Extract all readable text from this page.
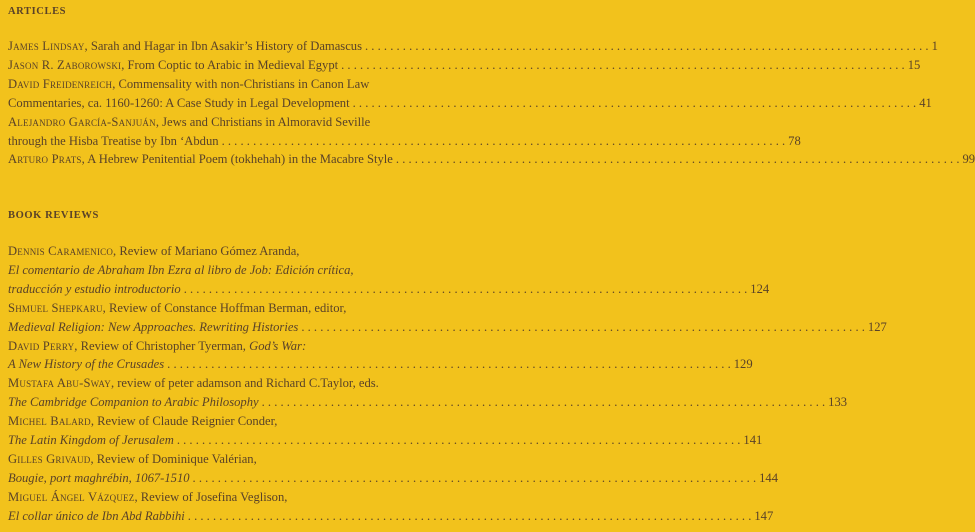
ARTICLES
James Lindsay, Sarah and Hagar in Ibn Asakir’s History of Damascus . . .	1
Jason R. Zaborowski, From Coptic to Arabic in Medieval Egypt . . .	15
David Freidenreich, Commensality with non-Christians in Canon Law
Commentaries, ca. 1160-1260: A Case Study in Legal Development . . .	41
Alejandro García-Sanjuán, Jews and Christians in Almoravid Seville
through the Hisba Treatise by Ibn ‘Abdun . . .	78
Arturo Prats, A Hebrew Penitential Poem (tokhehah) in the Macabre Style . . .	99
BOOK REVIEWS
Dennis Caramenico, Review of Mariano Gómez Aranda,
El comentario de Abraham Ibn Ezra al libro de Job: Edición crítica,
traducción y estudio introductorio . . .	124
Shmuel Shepkaru, Review of Constance Hoffman Berman, editor,
Medieval Religion: New Approaches. Rewriting Histories . . .	127
David Perry, Review of Christopher Tyerman, God’s War:
A New History of the Crusades . . .	129
Mustafa Abu-Sway, review of peter adamson and Richard C.Taylor, eds.
The Cambridge Companion to Arabic Philosophy . . .	133
Michel Balard, Review of Claude Reignier Conder,
The Latin Kingdom of Jerusalem . . .	141
Gilles Grivaud, Review of Dominique Valérian,
Bougie, port maghrébin, 1067-1510 . . .	144
Miguel Ángel Vázquez, Review of Josefina Veglison,
El collar único de Ibn Abd Rabbihi . . .	147
